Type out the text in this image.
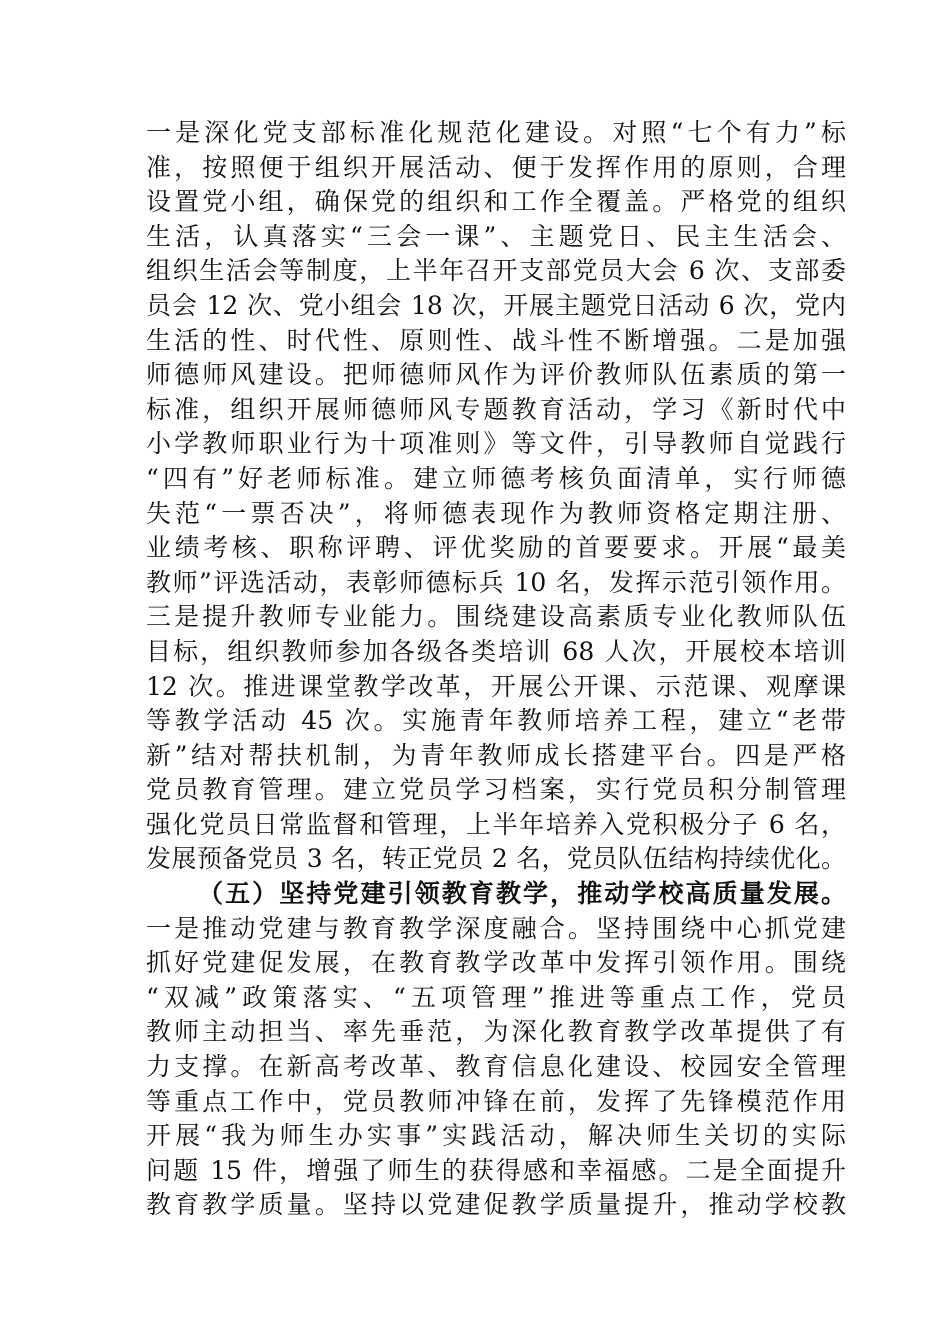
一是深化党支部标准化规范化建设。对照“七个有力”标
准，按照便于组织开展活动、便于发挥作用的原则，合理
设置党小组，确保党的组织和工作全覆盖。严格党的组织
生活，认真落实“三会一课”、主题党日、民主生活会、
组织生活会等制度，上半年召开支部党员大会 6 次、支部委
员会 12 次、党小组会 18 次，开展主题党日活动 6 次，党内
生活的性、时代性、原则性、战斗性不断增强。二是加强
师德师风建设。把师德师风作为评价教师队伍素质的第一
标准，组织开展师德师风专题教育活动，学习《新时代中
小学教师职业行为十项准则》等文件，引导教师自觉践行
“四有”好老师标准。建立师德考核负面清单，实行师德
失范“一票否决”，将师德表现作为教师资格定期注册、
业绩考核、职称评聘、评优奖励的首要要求。开展“最美
教师”评选活动，表彰师德标兵 10 名，发挥示范引领作用。
三是提升教师专业能力。围绕建设高素质专业化教师队伍
目标，组织教师参加各级各类培训 68 人次，开展校本培训
12 次。推进课堂教学改革，开展公开课、示范课、观摩课
等教学活动 45 次。实施青年教师培养工程，建立“老带
新”结对帮扶机制，为青年教师成长搭建平台。四是严格
党员教育管理。建立党员学习档案，实行党员积分制管理
强化党员日常监督和管理，上半年培养入党积极分子 6 名，
发展预备党员 3 名，转正党员 2 名，党员队伍结构持续优化。
（五）坚持党建引领教育教学，推动学校高质量发展。
一是推动党建与教育教学深度融合。坚持围绕中心抓党建
抓好党建促发展，在教育教学改革中发挥引领作用。围绕
“双减”政策落实、“五项管理”推进等重点工作，党员
教师主动担当、率先垂范，为深化教育教学改革提供了有
力支撑。在新高考改革、教育信息化建设、校园安全管理
等重点工作中，党员教师冲锋在前，发挥了先锋模范作用
开展“我为师生办实事”实践活动，解决师生关切的实际
问题 15 件，增强了师生的获得感和幸福感。二是全面提升
教育教学质量。坚持以党建促教学质量提升，推动学校教
